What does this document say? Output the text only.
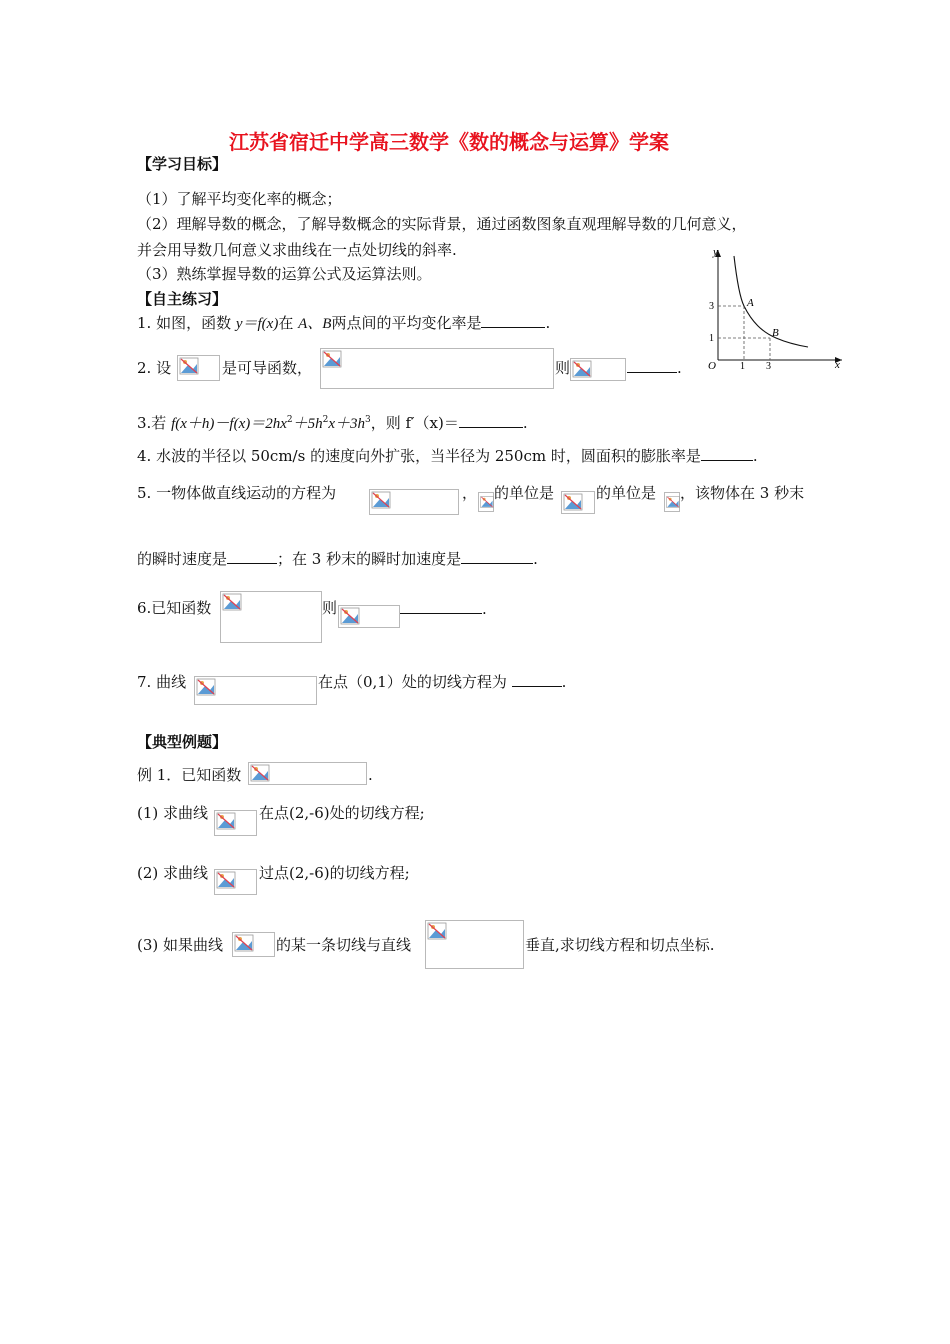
江苏省宿迁中学高三数学《数的概念与运算》学案
【学习目标】
（1）了解平均变化率的概念；
（2）理解导数的概念，了解导数概念的实际背景，通过函数图象直观理解导数的几何意义，
并会用导数几何意义求曲线在一点处切线的斜率.
（3）熟练掌握导数的运算公式及运算法则。
【自主练习】
1. 如图，函数 y＝f(x)在 A、B两点间的平均变化率是	.
y
x
O 1 3
1
3	A
B
2. 设	是可导函数，	则	.
3.若 $f(x+h)-f(x)=2hx^2+5h^2x+3h^3$，则 f′（x)＝	.
4. 水波的半径以 50cm/s 的速度向外扩张，当半径为 250cm 时，圆面积的膨胀率是	.
5. 一物体做直线运动的方程为	， 的单位是	的单位是 ，该物体在 3 秒末
的瞬时速度是	；在 3 秒末的瞬时加速度是	.
6.已知函数	则	.
7. 曲线	在点（0,1）处的切线方程为	.
【典型例题】
例 1．已知函数	.
(1) 求曲线	在点(2,-6)处的切线方程;
(2) 求曲线	过点(2,-6)的切线方程;
(3) 如果曲线	的某一条切线与直线	垂直,求切线方程和切点坐标.
